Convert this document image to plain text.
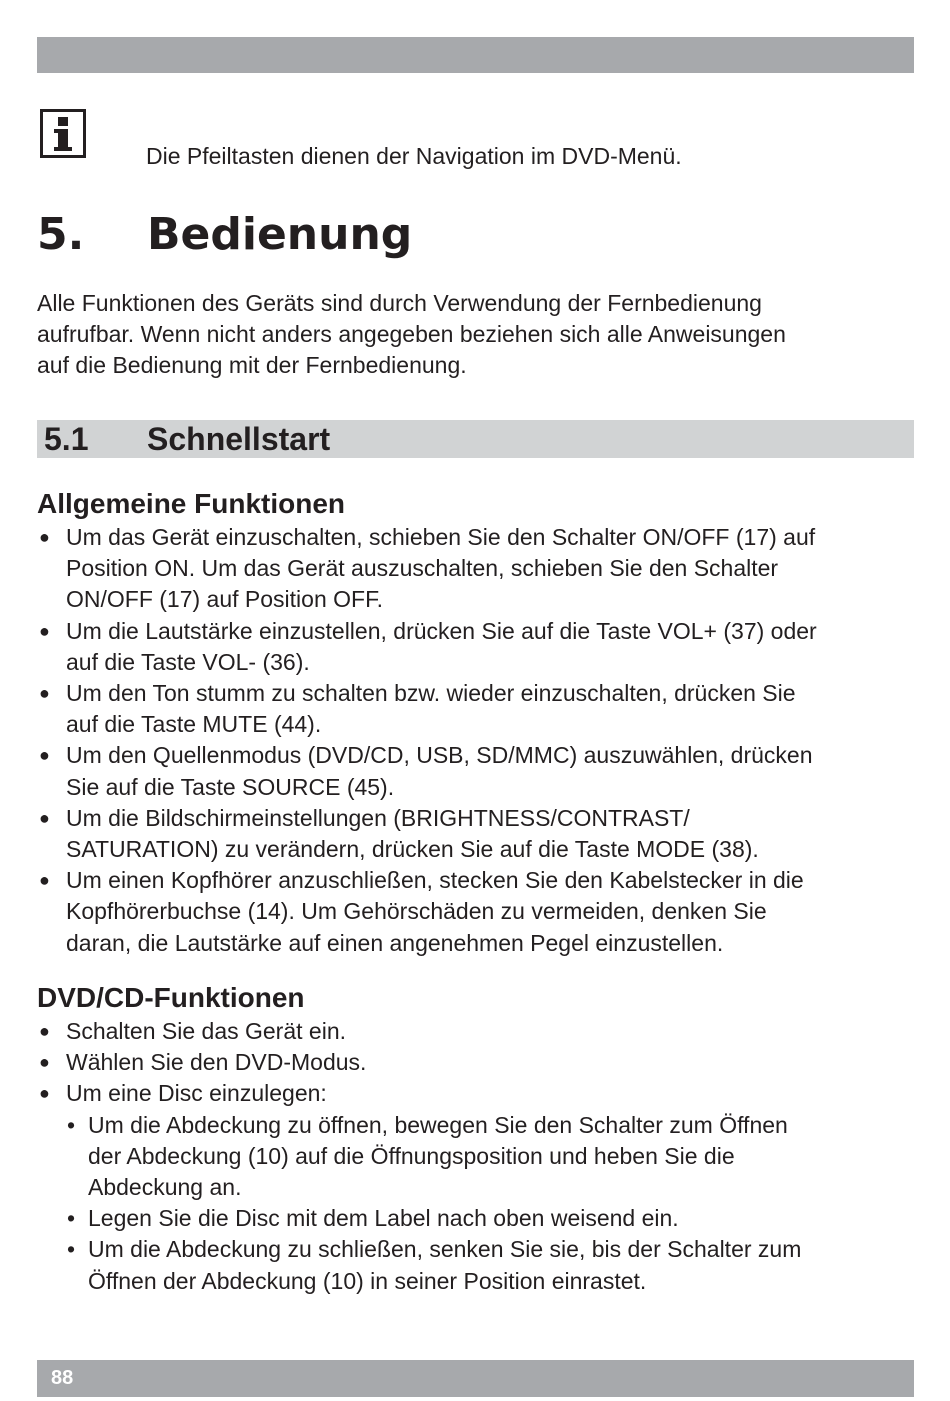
Die Pfeiltasten dienen der Navigation im DVD-Menü.
5. Bedienung
Alle Funktionen des Geräts sind durch Verwendung der Fernbedienung
aufrufbar. Wenn nicht anders angegeben beziehen sich alle Anweisungen
auf die Bedienung mit der Fernbedienung.
5.1 Schnellstart
Allgemeine Funktionen
● Um das Gerät einzuschalten, schieben Sie den Schalter ON/OFF (17) auf
Position ON. Um das Gerät auszuschalten, schieben Sie den Schalter
ON/OFF (17) auf Position OFF.
● Um die Lautstärke einzustellen, drücken Sie auf die Taste VOL+ (37) oder
auf die Taste VOL- (36).
● Um den Ton stumm zu schalten bzw. wieder einzuschalten, drücken Sie
auf die Taste MUTE (44).
● Um den Quellenmodus (DVD/CD, USB, SD/MMC) auszuwählen, drücken
Sie auf die Taste SOURCE (45).
● Um die Bildschirmeinstellungen (BRIGHTNESS/CONTRAST/
SATURATION) zu verändern, drücken Sie auf die Taste MODE (38).
● Um einen Kopfhörer anzuschließen, stecken Sie den Kabelstecker in die
Kopfhörerbuchse (14). Um Gehörschäden zu vermeiden, denken Sie
daran, die Lautstärke auf einen angenehmen Pegel einzustellen.
DVD/CD-Funktionen
● Schalten Sie das Gerät ein.
● Wählen Sie den DVD-Modus.
● Um eine Disc einzulegen:
• Um die Abdeckung zu öffnen, bewegen Sie den Schalter zum Öffnen
der Abdeckung (10) auf die Öffnungsposition und heben Sie die
Abdeckung an.
• Legen Sie die Disc mit dem Label nach oben weisend ein.
• Um die Abdeckung zu schließen, senken Sie sie, bis der Schalter zum
Öffnen der Abdeckung (10) in seiner Position einrastet.
88
